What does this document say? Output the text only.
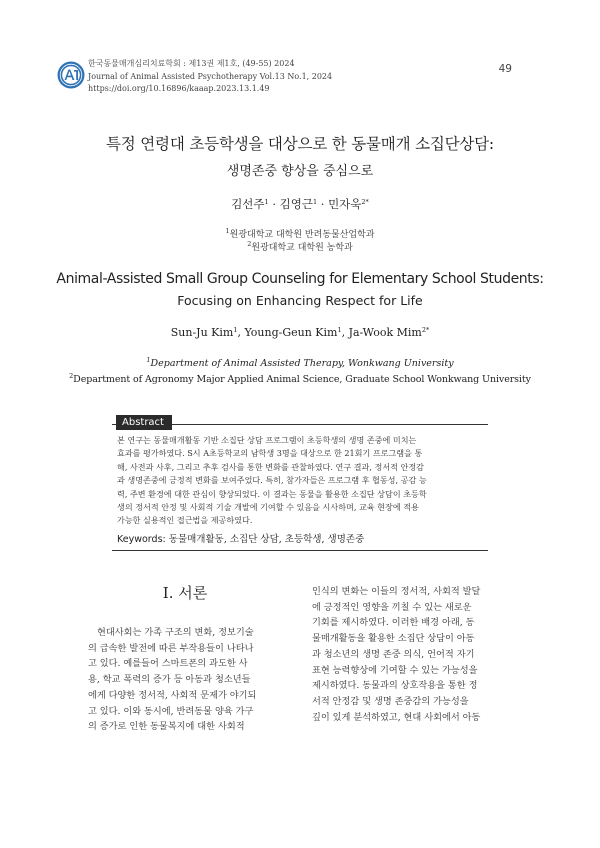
한국동물매개심리치료학회 : 제13권 제1호, (49-55) 2024
Journal of Animal Assisted Psychotherapy Vol.13 No.1, 2024
https://doi.org/10.16896/kaaap.2023.13.1.49
49
특정 연령대 초등학생을 대상으로 한 동물매개 소집단상담:
생명존중 향상을 중심으로
김선주$^1$ · 김영근$^1$ · 민자욱$^{2*}$
$^1$원광대학교 대학원 반려동물산업학과
$^2$원광대학교 대학원 농학과
Animal-Assisted Small Group Counseling for Elementary School Students:
Focusing on Enhancing Respect for Life
Sun-Ju Kim$^1$, Young-Geun Kim$^1$, Ja-Wook Mim$^{2*}$
$^1$Department of Animal Assisted Therapy, Wonkwang University
$^2$Department of Agronomy Major Applied Animal Science, Graduate School Wonkwang University
Abstract
본 연구는 동물매개활동 기반 소집단 상담 프로그램이 초등학생의 생명 존중에 미치는
효과를 평가하였다. S시 A초등학교의 남학생 3명을 대상으로 한 21회기 프로그램을 통
해, 사전과 사후, 그리고 추후 검사를 통한 변화를 관찰하였다. 연구 결과, 정서적 안정감
과 생명존중에 긍정적 변화를 보여주었다. 특히, 참가자들은 프로그램 후 협동성, 공감 능
력, 주변 환경에 대한 관심이 향상되었다. 이 결과는 동물을 활용한 소집단 상담이 초등학
생의 정서적 안정 및 사회적 기술 개발에 기여할 수 있음을 시사하며, 교육 현장에 적용
가능한 실용적인 접근법을 제공하였다.
Keywords: 동물매개활동, 소집단 상담, 초등학생, 생명존중
Ⅰ. 서론
현대사회는 가족 구조의 변화, 정보기술
의 급속한 발전에 따른 부작용들이 나타나
고 있다. 예를들어 스마트폰의 과도한 사
용, 학교 폭력의 증가 등 아동과 청소년들
에게 다양한 정서적, 사회적 문제가 야기되
고 있다. 이와 동시에, 반려동물 양육 가구
의 증가로 인한 동물복지에 대한 사회적
인식의 변화는 이들의 정서적, 사회적 발달
에 긍정적인 영향을 끼칠 수 있는 새로운
기회를 제시하였다. 이러한 배경 아래, 동
물매개활동을 활용한 소집단 상담이 아동
과 청소년의 생명 존중 의식, 언어적 자기
표현 능력향상에 기여할 수 있는 가능성을
제시하였다. 동물과의 상호작용을 통한 정
서적 안정감 및 생명 존중감의 가능성을
깊이 있게 분석하였고, 현대 사회에서 아동
